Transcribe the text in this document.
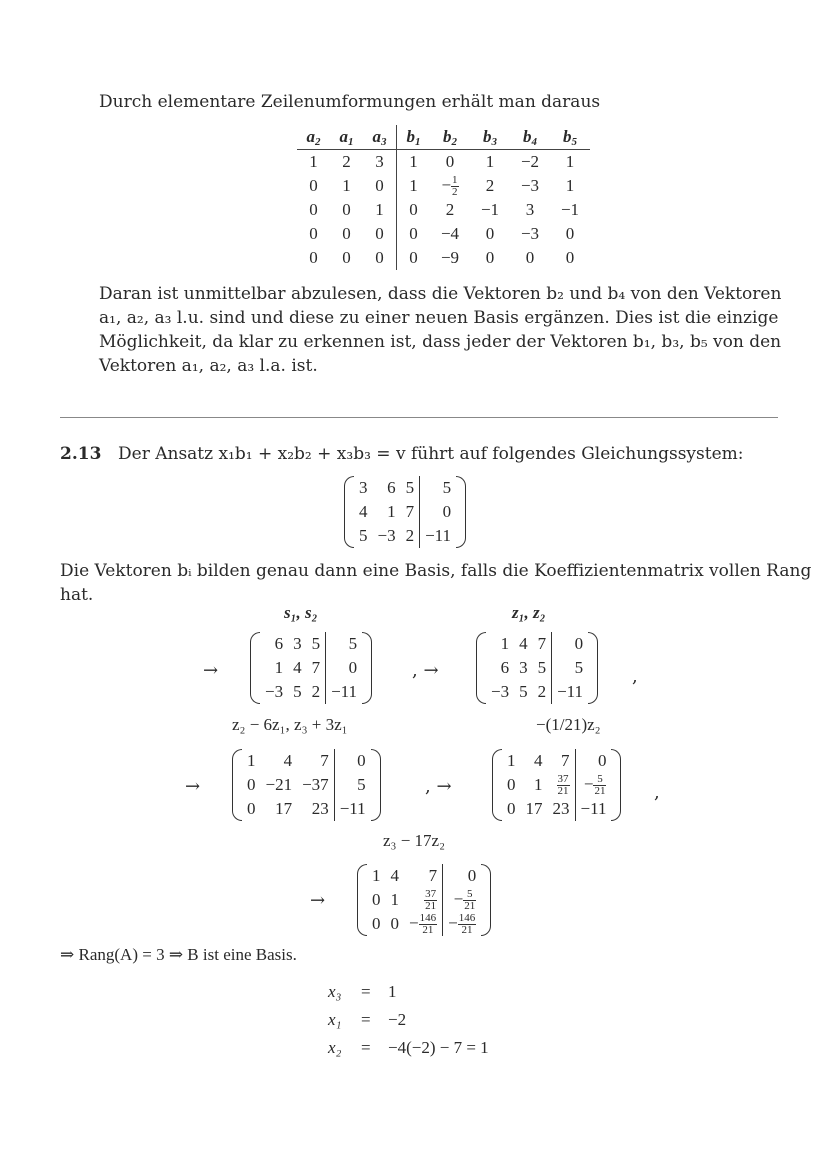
Durch elementare Zeilenumformungen erhält man daraus
$a_2$	$a_1$	$a_3$	$b_1$	$b_2$	$b_3$	$b_4$	$b_5$
1	2	3	1	0	1	−2	1
0	1	0	1	− $\frac{1}{2}$	2	−3	1
0	0	1	0	2	−1	3	−1
0	0	0	0	−4	0	−3	0
0	0	0	0	−9	0	0	0
Daran ist unmittelbar abzulesen, dass die Vektoren b₂ und b₄ von den Vektoren
a₁, a₂, a₃ l.u. sind und diese zu einer neuen Basis ergänzen. Dies ist die einzige
Möglichkeit, da klar zu erkennen ist, dass jeder der Vektoren b₁, b₃, b₅ von den
Vektoren a₁, a₂, a₃ l.a. ist.
2.13 Der Ansatz x₁b₁ + x₂b₂ + x₃b₃ = v führt auf folgendes Gleichungssystem:
3	6	5	5
4	1	7	0
5	−3	2	−11
Die Vektoren bᵢ bilden genau dann eine Basis, falls die Koeffizientenmatrix vollen Rang
hat.
s₁, s₂	z₁, z₂
→
6	3	5	5
1	4	7	0
−3	5	2	−11
, →
1	4	7	0
6	3	5	5
−3	5	2	−11
,
z₂ − 6z₁, z₃ + 3z₁	−(1/21)z₂
→
1	4	7	0
0	−21	−37	5
0	17	23	−11
, →
1	4	7	0
0	1	$\frac{37}{21}$	− $\frac{5}{21}$

0	17	23	−11
,
z₃ − 17z₂
→
1	4	7	0
0	1	$\frac{37}{21}$	− $\frac{5}{21}$

0	0	− $\frac{146}{21}$	− $\frac{146}{21}$
⇒ Rang(A) = 3 ⇒ B ist eine Basis.
x₃ = 1
x₁ = −2
x₂ = −4(−2) − 7 = 1
